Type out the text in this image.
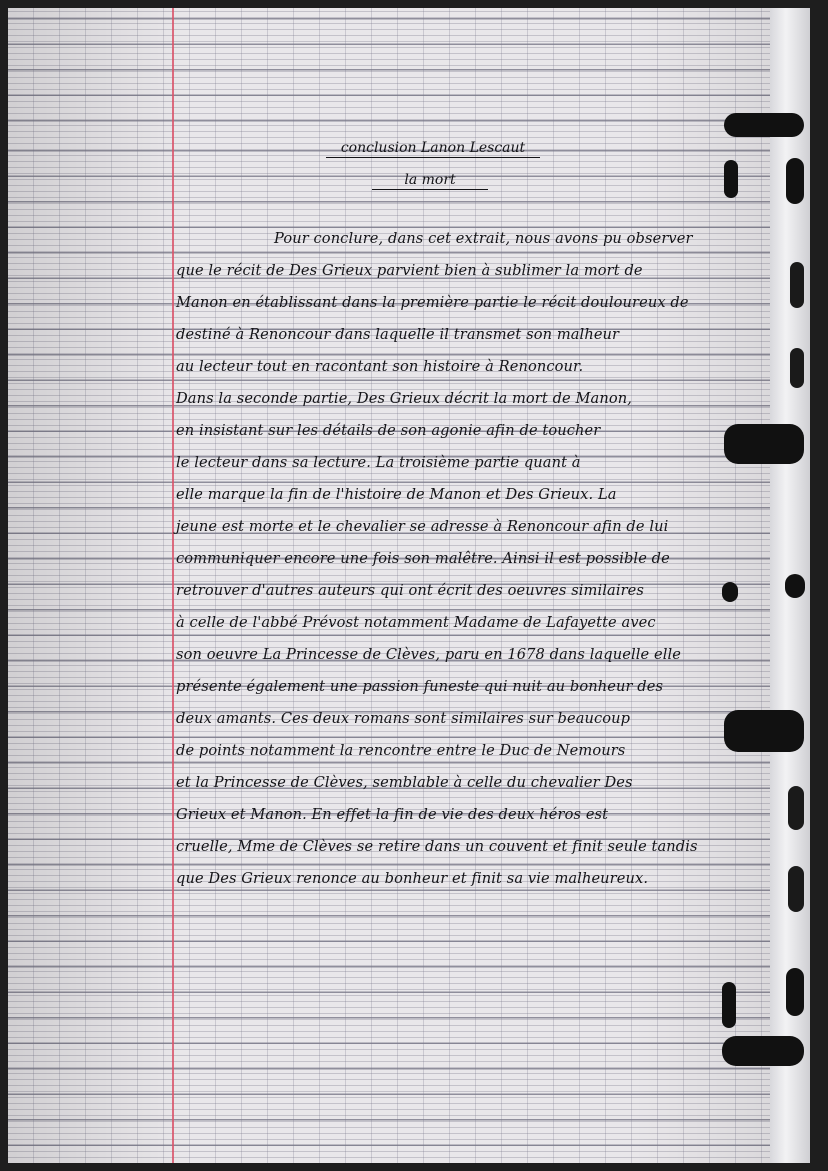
conclusion Lanon Lescaut
la mort
Pour conclure, dans cet extrait, nous avons pu observer
que le récit de Des Grieux parvient bien à sublimer la mort de
Manon en établissant dans la première partie le récit douloureux de
destiné à Renoncour dans laquelle il transmet son malheur
au lecteur tout en racontant son histoire à Renoncour.
Dans la seconde partie, Des Grieux décrit la mort de Manon,
en insistant sur les détails de son agonie afin de toucher
le lecteur dans sa lecture. La troisième partie quant à
elle marque la fin de l'histoire de Manon et Des Grieux. La
jeune est morte et le chevalier se adresse à Renoncour afin de lui
communiquer encore une fois son malêtre. Ainsi il est possible de
retrouver d'autres auteurs qui ont écrit des oeuvres similaires
à celle de l'abbé Prévost notamment Madame de Lafayette avec
son oeuvre La Princesse de Clèves, paru en 1678 dans laquelle elle
présente également une passion funeste qui nuit au bonheur des
deux amants. Ces deux romans sont similaires sur beaucoup
de points notamment la rencontre entre le Duc de Nemours
et la Princesse de Clèves, semblable à celle du chevalier Des
Grieux et Manon. En effet la fin de vie des deux héros est
cruelle, Mme de Clèves se retire dans un couvent et finit seule tandis
que Des Grieux renonce au bonheur et finit sa vie malheureux.
